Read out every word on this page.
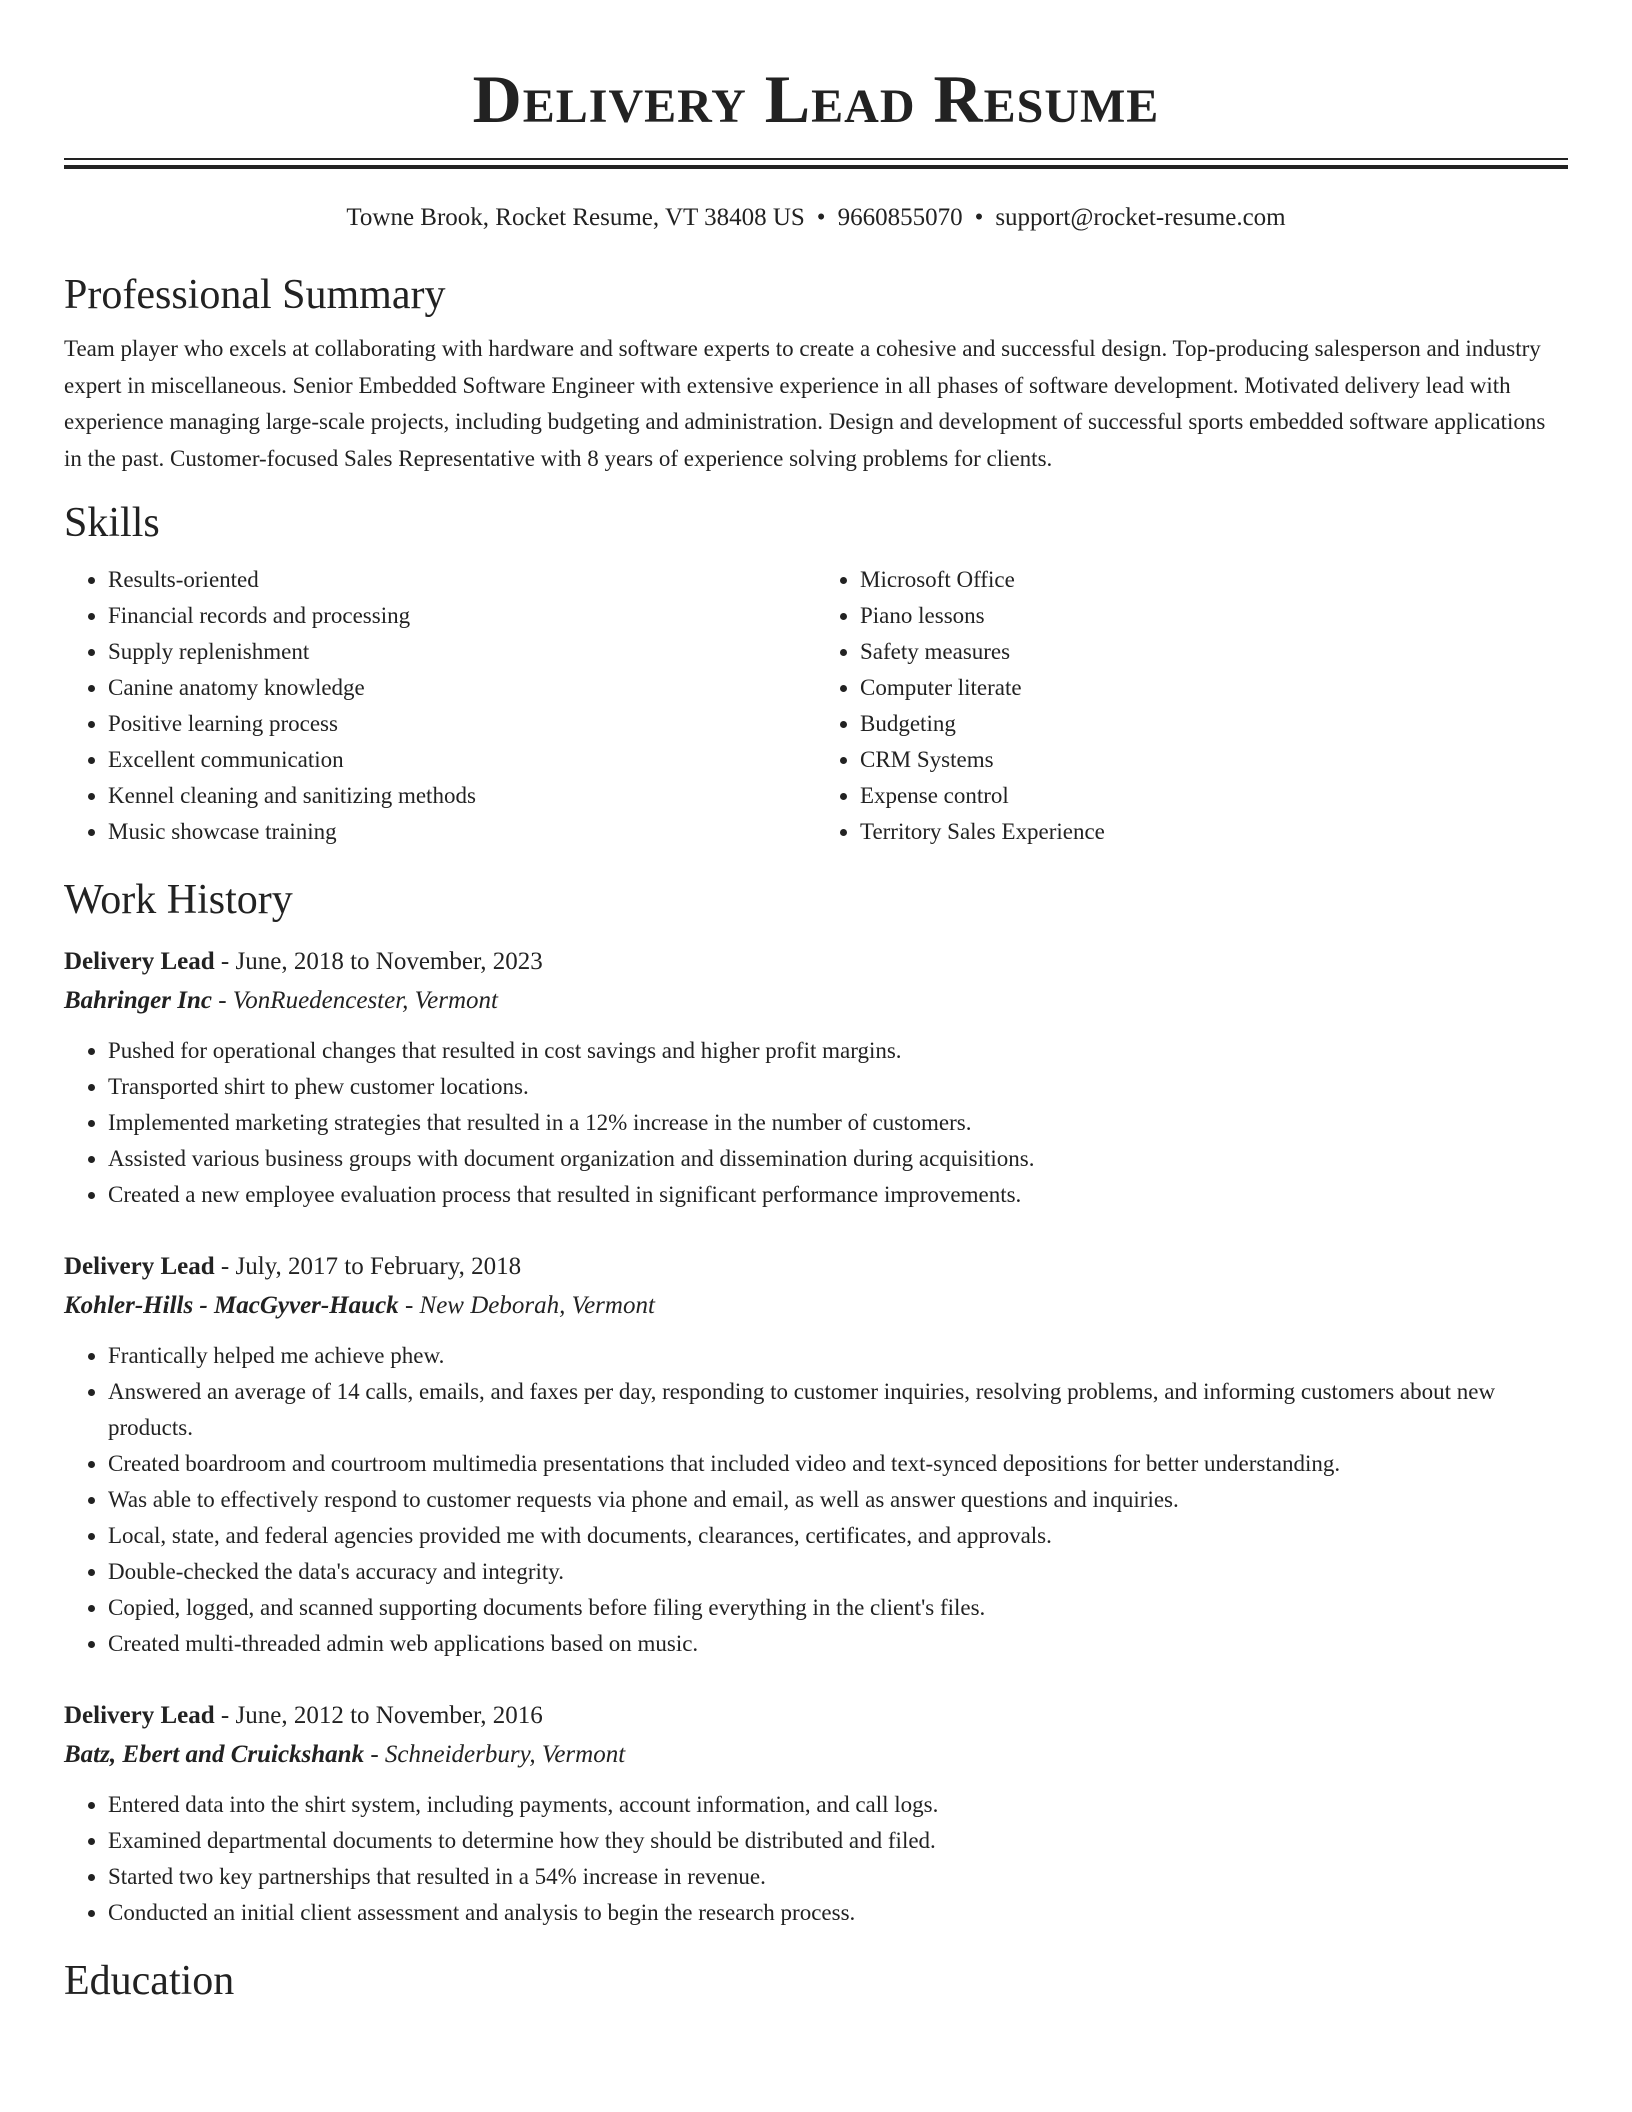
Delivery Lead Resume
Towne Brook, Rocket Resume, VT 38408 US • 9660855070 • support@rocket-resume.com
Professional Summary
Team player who excels at collaborating with hardware and software experts to create a cohesive and successful design. Top-producing salesperson and industry expert in miscellaneous. Senior Embedded Software Engineer with extensive experience in all phases of software development. Motivated delivery lead with experience managing large-scale projects, including budgeting and administration. Design and development of successful sports embedded software applications in the past. Customer-focused Sales Representative with 8 years of experience solving problems for clients.
Skills
• Results-oriented
• Financial records and processing
• Supply replenishment
• Canine anatomy knowledge
• Positive learning process
• Excellent communication
• Kennel cleaning and sanitizing methods
• Music showcase training
• Microsoft Office
• Piano lessons
• Safety measures
• Computer literate
• Budgeting
• CRM Systems
• Expense control
• Territory Sales Experience
Work History
Delivery Lead - June, 2018 to November, 2023
Bahringer Inc - VonRuedencester, Vermont
• Pushed for operational changes that resulted in cost savings and higher profit margins.
• Transported shirt to phew customer locations.
• Implemented marketing strategies that resulted in a 12% increase in the number of customers.
• Assisted various business groups with document organization and dissemination during acquisitions.
• Created a new employee evaluation process that resulted in significant performance improvements.
Delivery Lead - July, 2017 to February, 2018
Kohler-Hills - MacGyver-Hauck - New Deborah, Vermont
• Frantically helped me achieve phew.
• Answered an average of 14 calls, emails, and faxes per day, responding to customer inquiries, resolving problems, and informing customers about new products.
• Created boardroom and courtroom multimedia presentations that included video and text-synced depositions for better understanding.
• Was able to effectively respond to customer requests via phone and email, as well as answer questions and inquiries.
• Local, state, and federal agencies provided me with documents, clearances, certificates, and approvals.
• Double-checked the data's accuracy and integrity.
• Copied, logged, and scanned supporting documents before filing everything in the client's files.
• Created multi-threaded admin web applications based on music.
Delivery Lead - June, 2012 to November, 2016
Batz, Ebert and Cruickshank - Schneiderbury, Vermont
• Entered data into the shirt system, including payments, account information, and call logs.
• Examined departmental documents to determine how they should be distributed and filed.
• Started two key partnerships that resulted in a 54% increase in revenue.
• Conducted an initial client assessment and analysis to begin the research process.
Education
